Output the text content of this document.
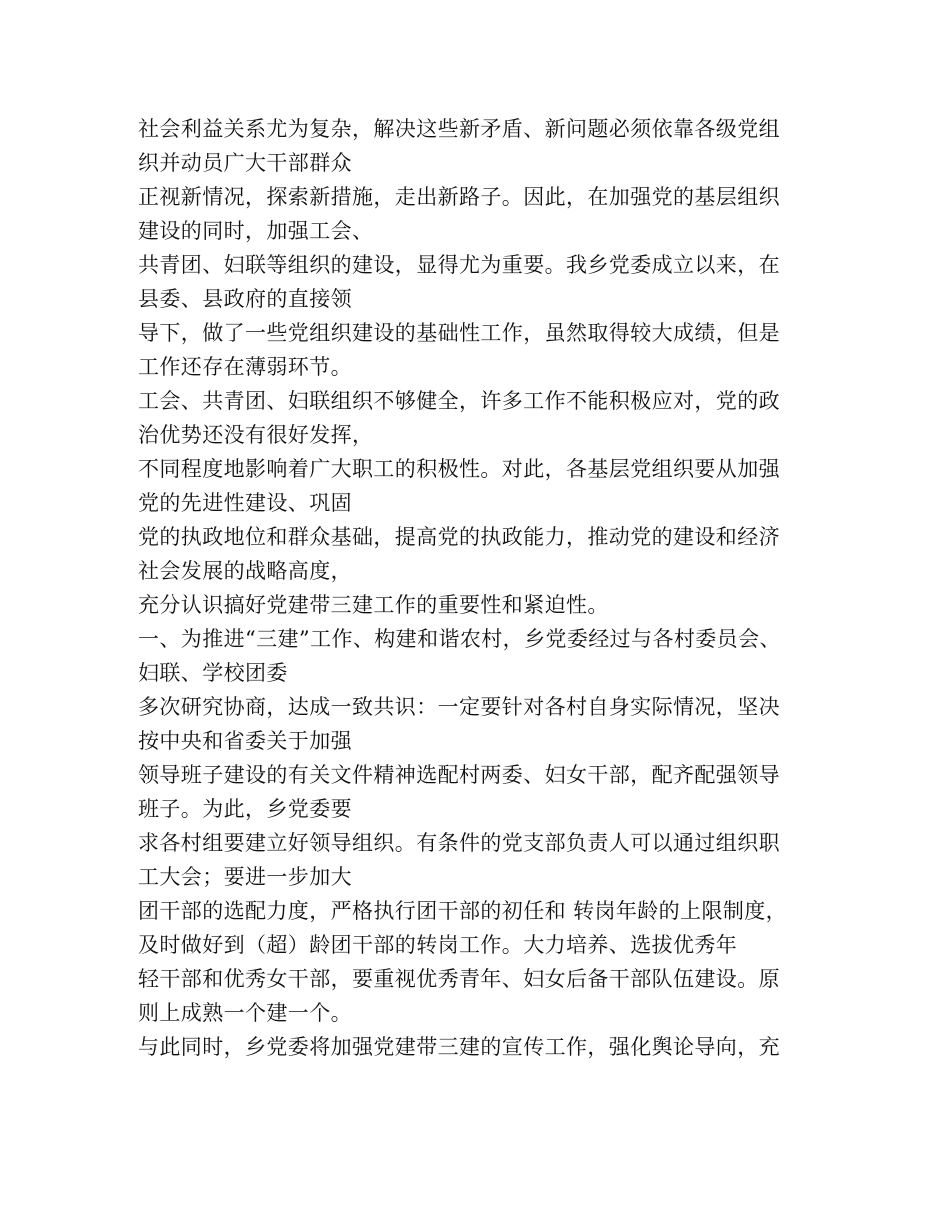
社会利益关系尤为复杂，解决这些新矛盾、新问题必须依靠各级党组
织并动员广大干部群众
正视新情况，探索新措施，走出新路子。因此，在加强党的基层组织
建设的同时，加强工会、
共青团、妇联等组织的建设，显得尤为重要。我乡党委成立以来，在
县委、县政府的直接领
导下，做了一些党组织建设的基础性工作，虽然取得较大成绩，但是
工作还存在薄弱环节。
工会、共青团、妇联组织不够健全，许多工作不能积极应对，党的政
治优势还没有很好发挥，
不同程度地影响着广大职工的积极性。对此，各基层党组织要从加强
党的先进性建设、巩固
党的执政地位和群众基础，提高党的执政能力，推动党的建设和经济
社会发展的战略高度，
充分认识搞好党建带三建工作的重要性和紧迫性。
一、为推进“三建”工作、构建和谐农村，乡党委经过与各村委员会、
妇联、学校团委
多次研究协商，达成一致共识：一定要针对各村自身实际情况，坚决
按中央和省委关于加强
领导班子建设的有关文件精神选配村两委、妇女干部，配齐配强领导
班子。为此，乡党委要
求各村组要建立好领导组织。有条件的党支部负责人可以通过组织职
工大会；要进一步加大
团干部的选配力度，严格执行团干部的初任和 转岗年龄的上限制度，
及时做好到（超）龄团干部的转岗工作。大力培养、选拔优秀年
轻干部和优秀女干部，要重视优秀青年、妇女后备干部队伍建设。原
则上成熟一个建一个。
与此同时，乡党委将加强党建带三建的宣传工作，强化舆论导向，充
